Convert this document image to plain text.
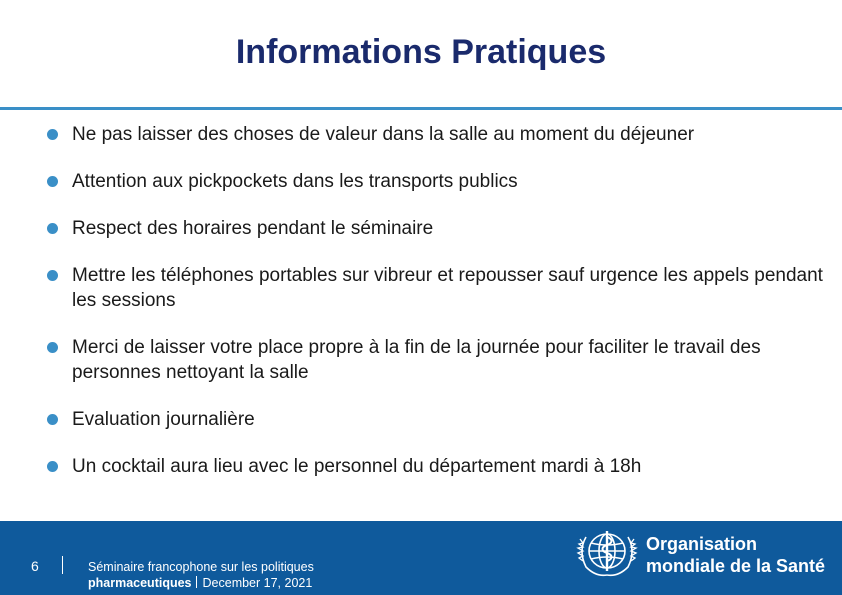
Informations Pratiques
Ne pas laisser des choses de valeur dans la salle au moment du déjeuner
Attention aux pickpockets dans les transports publics
Respect des horaires pendant le séminaire
Mettre les téléphones portables sur vibreur et repousser sauf urgence les appels pendant les sessions
Merci de laisser votre place propre à la fin de la journée pour faciliter le travail des personnes nettoyant la salle
Evaluation journalière
Un cocktail aura lieu avec le personnel du département mardi à 18h
6	Séminaire francophone sur les politiques
pharmaceutiques December 17, 2021
Organisation
mondiale de la Santé
